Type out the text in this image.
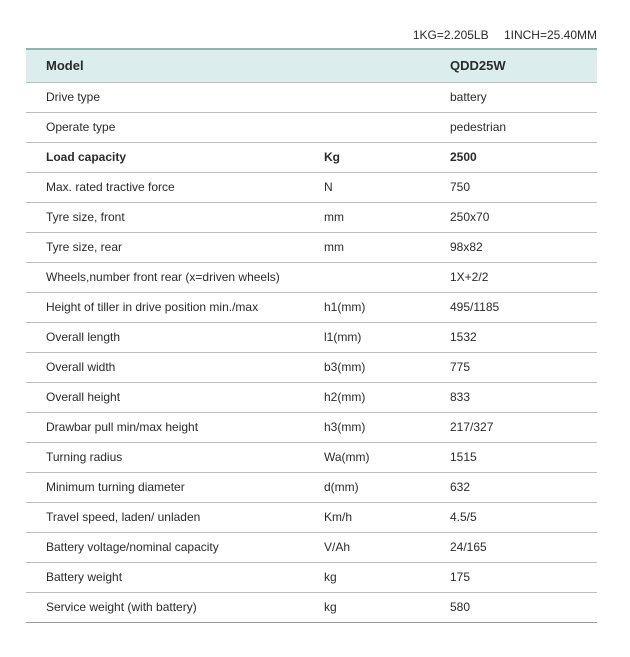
1KG=2.205LB 1INCH=25.40MM
Model		QDD25W
Drive type		battery
Operate type		pedestrian
Load capacity	Kg	2500
Max. rated tractive force	N	750
Tyre size, front	mm	250x70
Tyre size, rear	mm	98x82
Wheels,number front rear (x=driven wheels)		1X+2/2
Height of tiller in drive position min./max	h1(mm)	495/1185
Overall length	l1(mm)	1532
Overall width	b3(mm)	775
Overall height	h2(mm)	833
Drawbar pull min/max height	h3(mm)	217/327
Turning radius	Wa(mm)	1515
Minimum turning diameter	d(mm)	632
Travel speed, laden/ unladen	Km/h	4.5/5
Battery voltage/nominal capacity	V/Ah	24/165
Battery weight	kg	175
Service weight (with battery)	kg	580
